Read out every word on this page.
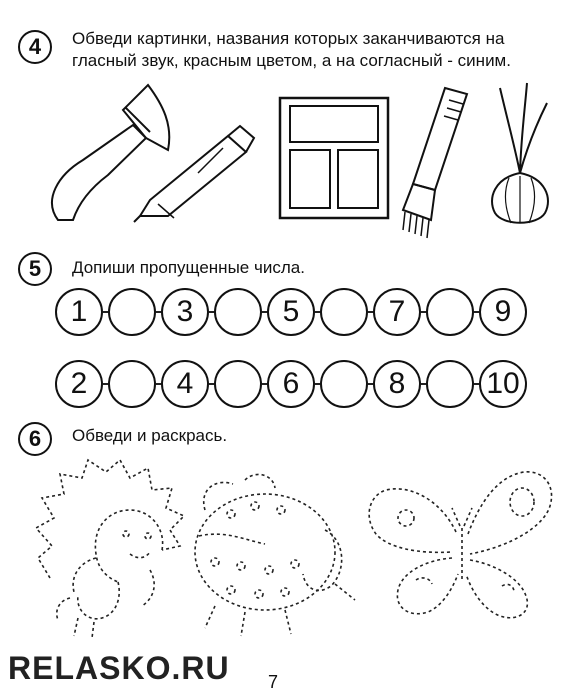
4	Обведи картинки, названия которых заканчиваются на
гласный звук, красным цветом, а на согласный - синим.
5	Допиши пропущенные числа.
1	3	5	7	9
2	4	6	8	10
6	Обведи и раскрась.
RELASKO.RU 7
